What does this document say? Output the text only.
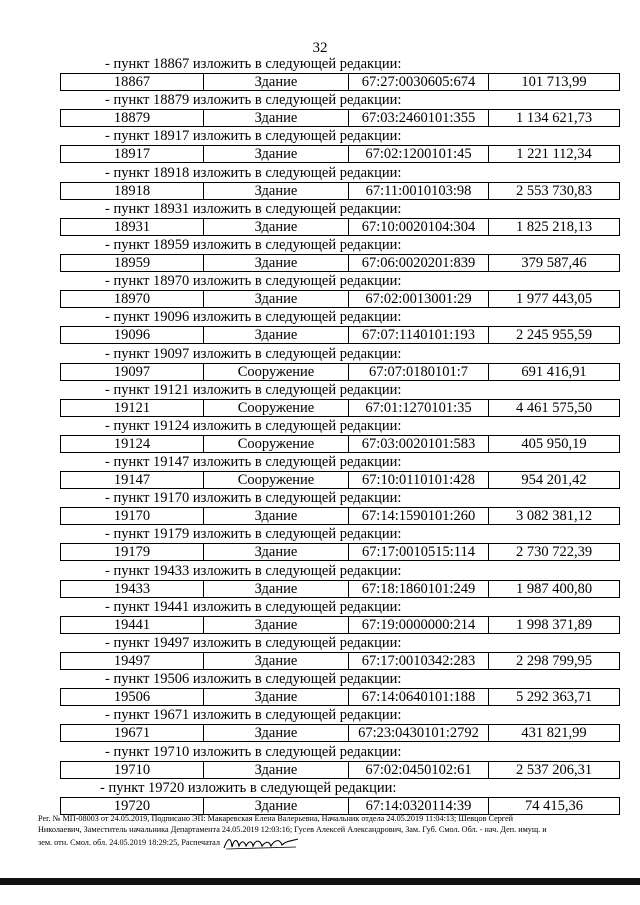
32
- пункт 18867 изложить в следующей редакции:
18867	Здание	67:27:0030605:674	101 713,99
- пункт 18879 изложить в следующей редакции:
18879	Здание	67:03:2460101:355	1 134 621,73
- пункт 18917 изложить в следующей редакции:
18917	Здание	67:02:1200101:45	1 221 112,34
- пункт 18918 изложить в следующей редакции:
18918	Здание	67:11:0010103:98	2 553 730,83
- пункт 18931 изложить в следующей редакции:
18931	Здание	67:10:0020104:304	1 825 218,13
- пункт 18959 изложить в следующей редакции:
18959	Здание	67:06:0020201:839	379 587,46
- пункт 18970 изложить в следующей редакции:
18970	Здание	67:02:0013001:29	1 977 443,05
- пункт 19096 изложить в следующей редакции:
19096	Здание	67:07:1140101:193	2 245 955,59
- пункт 19097 изложить в следующей редакции:
19097	Сооружение	67:07:0180101:7	691 416,91
- пункт 19121 изложить в следующей редакции:
19121	Сооружение	67:01:1270101:35	4 461 575,50
- пункт 19124 изложить в следующей редакции:
19124	Сооружение	67:03:0020101:583	405 950,19
- пункт 19147 изложить в следующей редакции:
19147	Сооружение	67:10:0110101:428	954 201,42
- пункт 19170 изложить в следующей редакции:
19170	Здание	67:14:1590101:260	3 082 381,12
- пункт 19179 изложить в следующей редакции:
19179	Здание	67:17:0010515:114	2 730 722,39
- пункт 19433 изложить в следующей редакции:
19433	Здание	67:18:1860101:249	1 987 400,80
- пункт 19441 изложить в следующей редакции:
19441	Здание	67:19:0000000:214	1 998 371,89
- пункт 19497 изложить в следующей редакции:
19497	Здание	67:17:0010342:283	2 298 799,95
- пункт 19506 изложить в следующей редакции:
19506	Здание	67:14:0640101:188	5 292 363,71
- пункт 19671 изложить в следующей редакции:
19671	Здание	67:23:0430101:2792	431 821,99
- пункт 19710 изложить в следующей редакции:
19710	Здание	67:02:0450102:61	2 537 206,31
- пункт 19720 изложить в следующей редакции:
19720	Здание	67:14:0320114:39	74 415,36
Рег. № МП-08003 от 24.05.2019, Подписано ЭП: Макаревская Елена Валерьевна, Начальник отдела 24.05.2019 11:04:13; Шевцов Сергей
Николаевич, Заместитель начальника Департамента 24.05.2019 12:03:16; Гусев Алексей Александрович, Зам. Губ. Смол. Обл. - нач. Деп. имущ. и
зем. отн. Смол. обл. 24.05.2019 18:29:25, Распечатал
